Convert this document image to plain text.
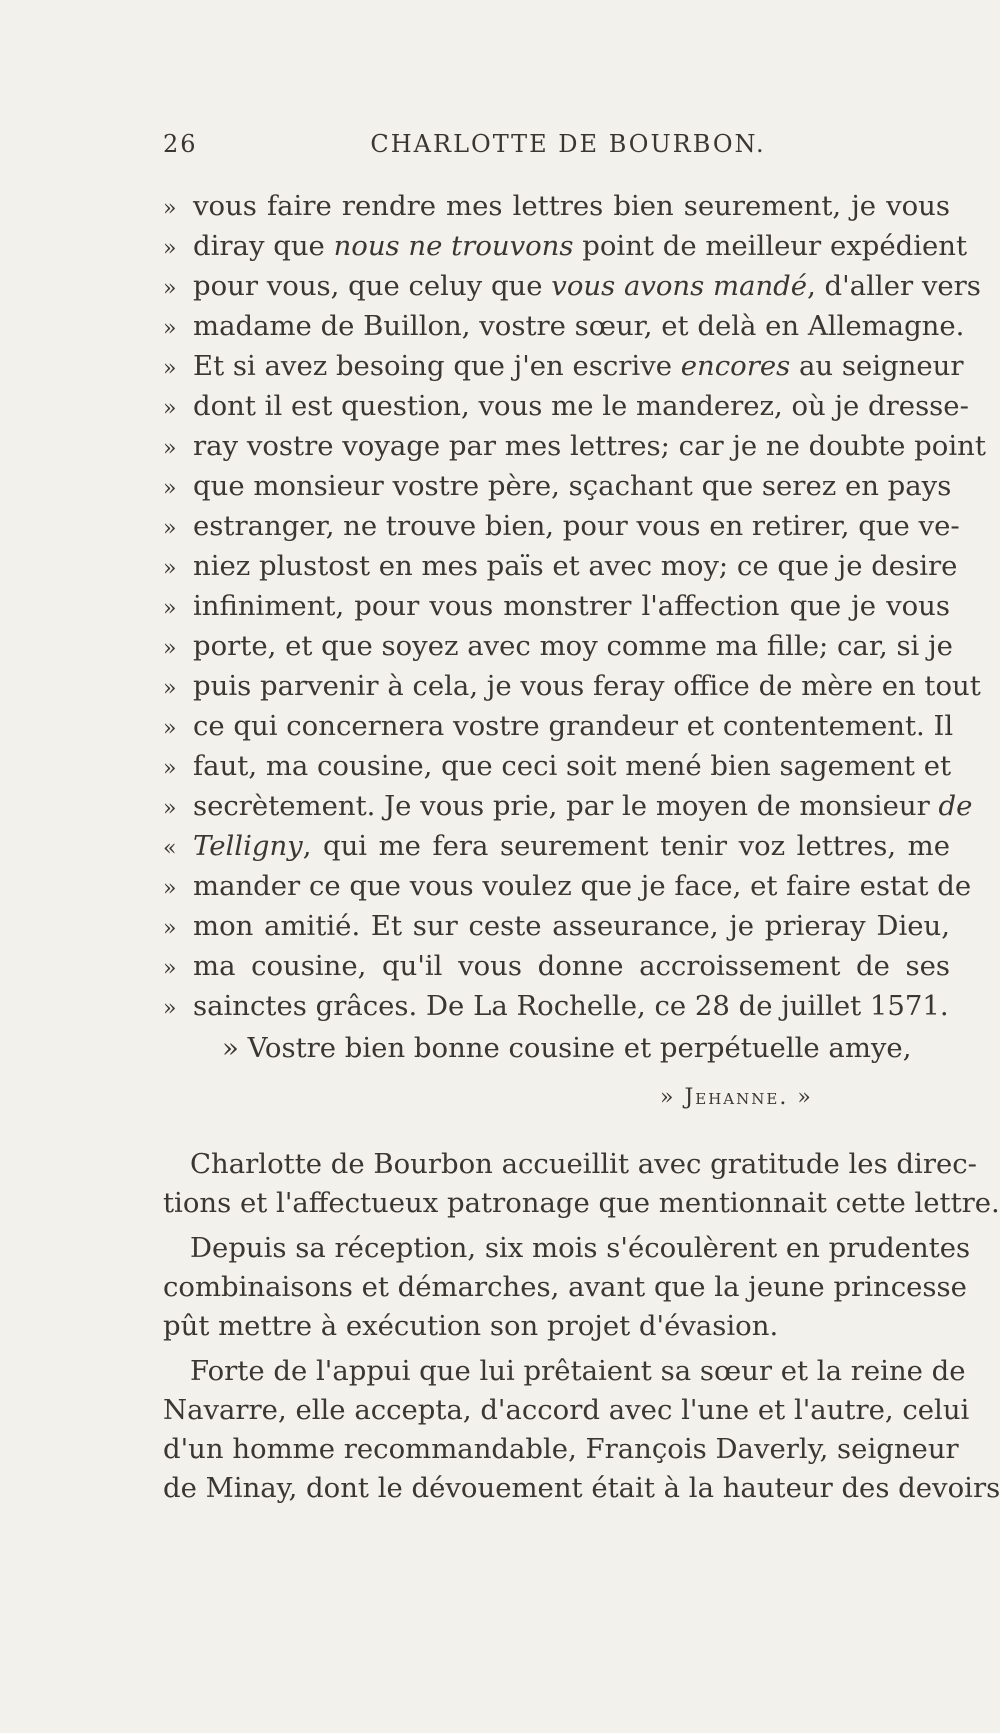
26	CHARLOTTE DE BOURBON.
» vous faire rendre mes lettres bien seurement, je vous
» diray que nous ne trouvons point de meilleur expédient
» pour vous, que celuy que vous avons mandé, d'aller vers
» madame de Buillon, vostre sœur, et delà en Allemagne.
» Et si avez besoing que j'en escrive encores au seigneur
» dont il est question, vous me le manderez, où je dresse-
» ray vostre voyage par mes lettres; car je ne doubte point
» que monsieur vostre père, sçachant que serez en pays
» estranger, ne trouve bien, pour vous en retirer, que ve-
» niez plustost en mes païs et avec moy; ce que je desire
» infiniment, pour vous monstrer l'affection que je vous
» porte, et que soyez avec moy comme ma fille; car, si je
» puis parvenir à cela, je vous feray office de mère en tout
» ce qui concernera vostre grandeur et contentement. Il
» faut, ma cousine, que ceci soit mené bien sagement et
» secrètement. Je vous prie, par le moyen de monsieur de
« Telligny, qui me fera seurement tenir voz lettres, me
» mander ce que vous voulez que je face, et faire estat de
» mon amitié. Et sur ceste asseurance, je prieray Dieu,
» ma cousine, qu'il vous donne accroissement de ses
» sainctes grâces. De La Rochelle, ce 28 de juillet 1571.
» Vostre bien bonne cousine et perpétuelle amye,
» Jehanne. »
Charlotte de Bourbon accueillit avec gratitude les direc-
tions et l'affectueux patronage que mentionnait cette lettre.
Depuis sa réception, six mois s'écoulèrent en prudentes
combinaisons et démarches, avant que la jeune princesse
pût mettre à exécution son projet d'évasion.
Forte de l'appui que lui prêtaient sa sœur et la reine de
Navarre, elle accepta, d'accord avec l'une et l'autre, celui
d'un homme recommandable, François Daverly, seigneur
de Minay, dont le dévouement était à la hauteur des devoirs
